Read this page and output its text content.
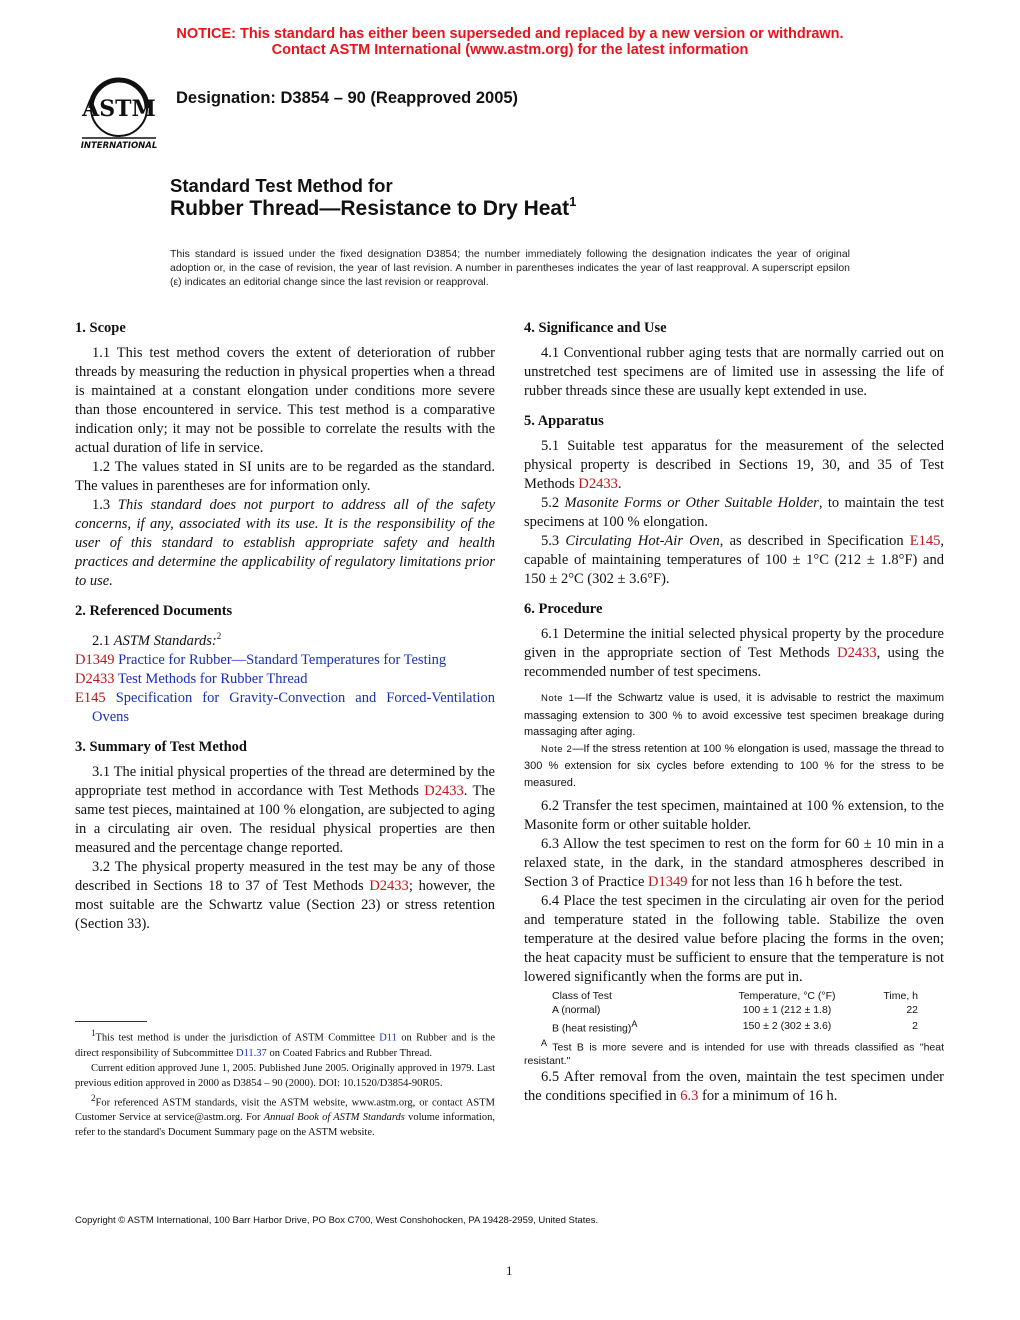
NOTICE: This standard has either been superseded and replaced by a new version or withdrawn.
Contact ASTM International (www.astm.org) for the latest information
ASTM
INTERNATIONAL
Designation: D3854 – 90 (Reapproved 2005)
Standard Test Method for
Rubber Thread—Resistance to Dry Heat$^1$
This standard is issued under the fixed designation D3854; the number immediately following the designation indicates the year of original adoption or, in the case of revision, the year of last revision. A number in parentheses indicates the year of last reapproval. A superscript epsilon (ε) indicates an editorial change since the last revision or reapproval.
1. Scope

1.1 This test method covers the extent of deterioration of rubber threads by measuring the reduction in physical properties when a thread is maintained at a constant elongation under conditions more severe than those encountered in service. This test method is a comparative indication only; it may not be possible to correlate the results with the actual duration of life in service.

1.2 The values stated in SI units are to be regarded as the standard. The values in parentheses are for information only.

1.3 This standard does not purport to address all of the safety concerns, if any, associated with its use. It is the responsibility of the user of this standard to establish appropriate safety and health practices and determine the applicability of regulatory limitations prior to use.

2. Referenced Documents

2.1 ASTM Standards:$^2$

D1349 Practice for Rubber—Standard Temperatures for Testing

D2433 Test Methods for Rubber Thread

E145 Specification for Gravity-Convection and Forced-Ventilation Ovens

3. Summary of Test Method

3.1 The initial physical properties of the thread are determined by the appropriate test method in accordance with Test Methods D2433. The same test pieces, maintained at 100 % elongation, are subjected to aging in a circulating air oven. The residual physical properties are then measured and the percentage change reported.

3.2 The physical property measured in the test may be any of those described in Sections 18 to 37 of Test Methods D2433; however, the most suitable are the Schwartz value (Section 23) or stress retention (Section 33).

$^1$This test method is under the jurisdiction of ASTM Committee D11 on Rubber and is the direct responsibility of Subcommittee D11.37 on Coated Fabrics and Rubber Thread.

Current edition approved June 1, 2005. Published June 2005. Originally approved in 1979. Last previous edition approved in 2000 as D3854 – 90 (2000). DOI: 10.1520/D3854-90R05.

$^2$For referenced ASTM standards, visit the ASTM website, www.astm.org, or contact ASTM Customer Service at service@astm.org. For Annual Book of ASTM Standards volume information, refer to the standard's Document Summary page on the ASTM website.

4. Significance and Use

4.1 Conventional rubber aging tests that are normally carried out on unstretched test specimens are of limited use in assessing the life of rubber threads since these are usually kept extended in use.

5. Apparatus

5.1 Suitable test apparatus for the measurement of the selected physical property is described in Sections 19, 30, and 35 of Test Methods D2433.

5.2 Masonite Forms or Other Suitable Holder, to maintain the test specimens at 100 % elongation.

5.3 Circulating Hot-Air Oven, as described in Specification E145, capable of maintaining temperatures of 100 ± 1°C (212 ± 1.8°F) and 150 ± 2°C (302 ± 3.6°F).

6. Procedure

6.1 Determine the initial selected physical property by the procedure given in the appropriate section of Test Methods D2433, using the recommended number of test specimens.

Note 1—If the Schwartz value is used, it is advisable to restrict the maximum massaging extension to 300 % to avoid excessive test specimen breakage during massaging after aging.

Note 2—If the stress retention at 100 % elongation is used, massage the thread to 300 % extension for six cycles before extending to 100 % for the stress to be measured.

6.2 Transfer the test specimen, maintained at 100 % extension, to the Masonite form or other suitable holder.

6.3 Allow the test specimen to rest on the form for 60 ± 10 min in a relaxed state, in the dark, in the standard atmospheres described in Section 3 of Practice D1349 for not less than 16 h before the test.

6.4 Place the test specimen in the circulating air oven for the period and temperature stated in the following table. Stabilize the oven temperature at the desired value before placing the forms in the oven; the heat capacity must be sufficient to ensure that the temperature is not lowered significantly when the forms are put in.

Class of Test	Temperature, °C (°F)	Time, h
A (normal)	100 ± 1 (212 ± 1.8)	22
B (heat resisting)$^A$	150 ± 2 (302 ± 3.6)	2

$^A$ Test B is more severe and is intended for use with threads classified as "heat resistant."

6.5 After removal from the oven, maintain the test specimen under the conditions specified in 6.3 for a minimum of 16 h.

Copyright © ASTM International, 100 Barr Harbor Drive, PO Box C700, West Conshohocken, PA 19428-2959, United States.
1
